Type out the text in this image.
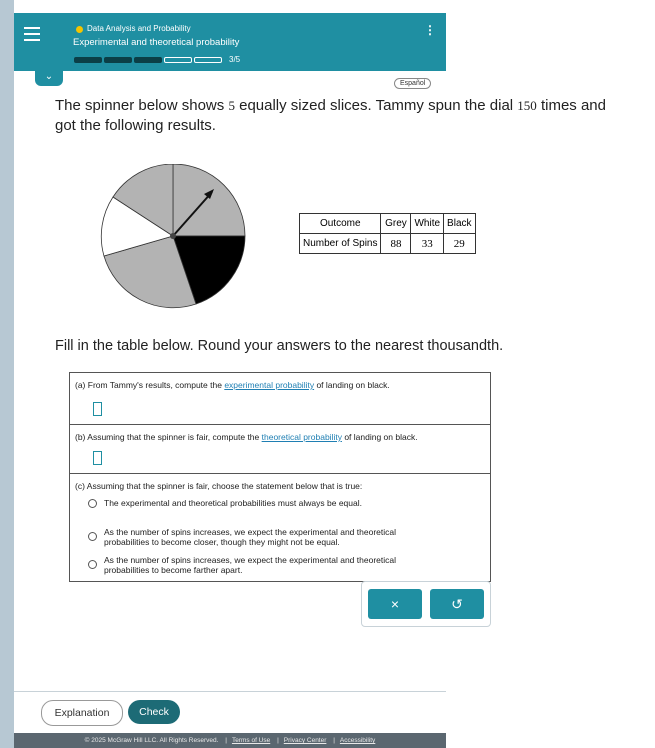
Data Analysis and Probability
Experimental and theoretical probability
⋮
3/5
⌄
Español
The spinner below shows 5 equally sized slices. Tammy spun the dial 150 times and
got the following results.
Outcome	Grey	White	Black
Number of Spins	88	33	29
Fill in the table below. Round your answers to the nearest thousandth.
(a) From Tammy's results, compute the experimental probability of landing on black.
(b) Assuming that the spinner is fair, compute the theoretical probability of landing on black.
(c) Assuming that the spinner is fair, choose the statement below that is true:
The experimental and theoretical probabilities must always be equal.
As the number of spins increases, we expect the experimental and theoretical
probabilities to become closer, though they might not be equal.
As the number of spins increases, we expect the experimental and theoretical
probabilities to become farther apart.
×	↺
Explanation	Check
© 2025 McGraw Hill LLC. All Rights Reserved. | Terms of Use | Privacy Center | Accessibility
